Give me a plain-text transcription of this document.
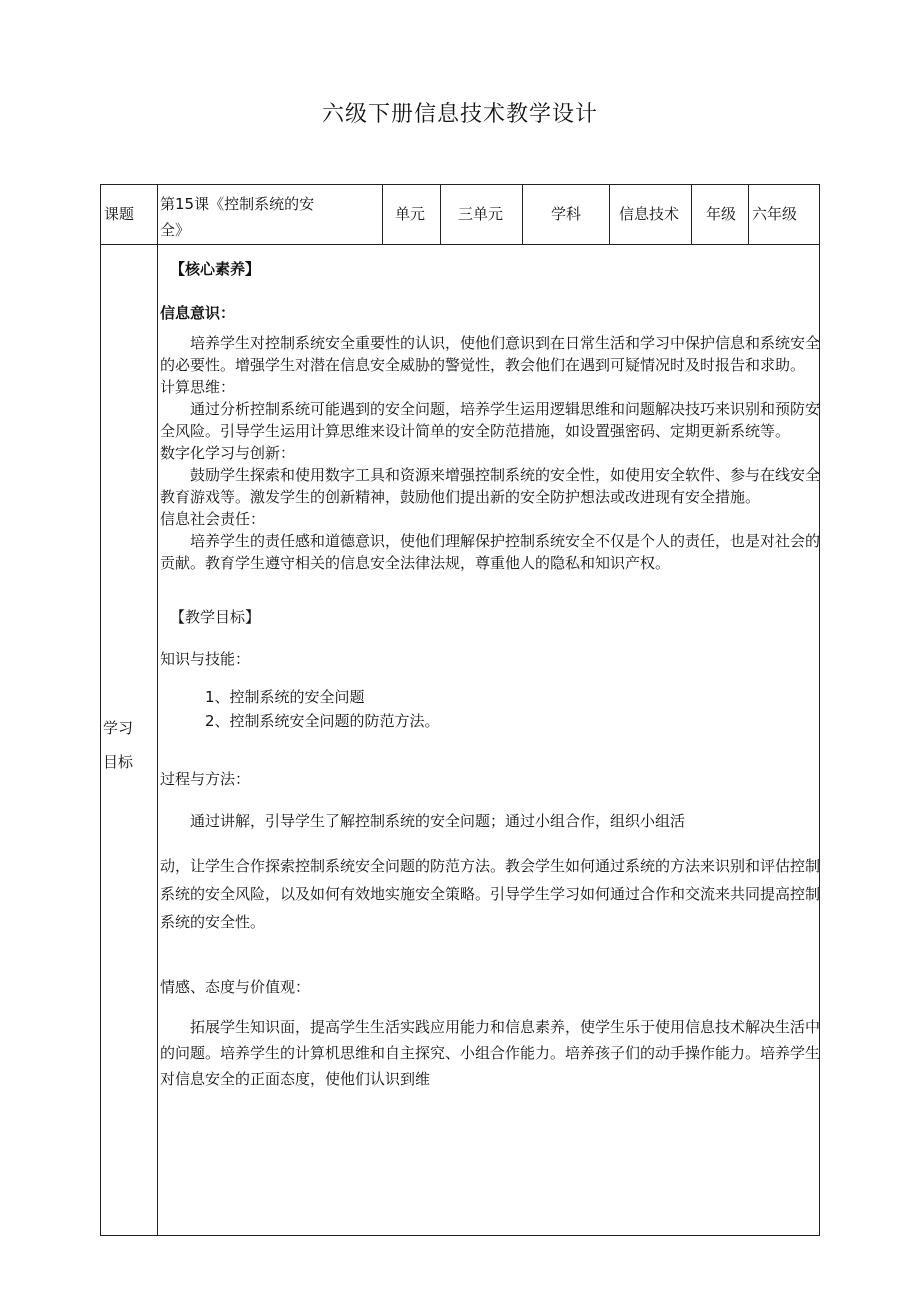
六级下册信息技术教学设计
课题
第15课《控制系统的安
全》
单元 三单元	学科	信息技术 年级 六年级
学习
目标

【核心素养】

信息意识：

培养学生对控制系统安全重要性的认识，使他们意识到在日常生活和学习中保护信息和系统安全的必要性。增强学生对潜在信息安全威胁的警觉性，教会他们在遇到可疑情况时及时报告和求助。

计算思维：

通过分析控制系统可能遇到的安全问题，培养学生运用逻辑思维和问题解决技巧来识别和预防安全风险。引导学生运用计算思维来设计简单的安全防范措施，如设置强密码、定期更新系统等。

数字化学习与创新：

鼓励学生探索和使用数字工具和资源来增强控制系统的安全性，如使用安全软件、参与在线安全教育游戏等。激发学生的创新精神，鼓励他们提出新的安全防护想法或改进现有安全措施。

信息社会责任：

培养学生的责任感和道德意识，使他们理解保护控制系统安全不仅是个人的责任，也是对社会的贡献。教育学生遵守相关的信息安全法律法规，尊重他人的隐私和知识产权。

【教学目标】

知识与技能：

1、控制系统的安全问题

2、控制系统安全问题的防范方法。

过程与方法：

通过讲解，引导学生了解控制系统的安全问题；通过小组合作，组织小组活

动，让学生合作探索控制系统安全问题的防范方法。教会学生如何通过系统的方法来识别和评估控制系统的安全风险，以及如何有效地实施安全策略。引导学生学习如何通过合作和交流来共同提高控制系统的安全性。

情感、态度与价值观：

拓展学生知识面，提高学生生活实践应用能力和信息素养，使学生乐于使用信息技术解决生活中的问题。培养学生的计算机思维和自主探究、小组合作能力。培养孩子们的动手操作能力。培养学生对信息安全的正面态度，使他们认识到维
